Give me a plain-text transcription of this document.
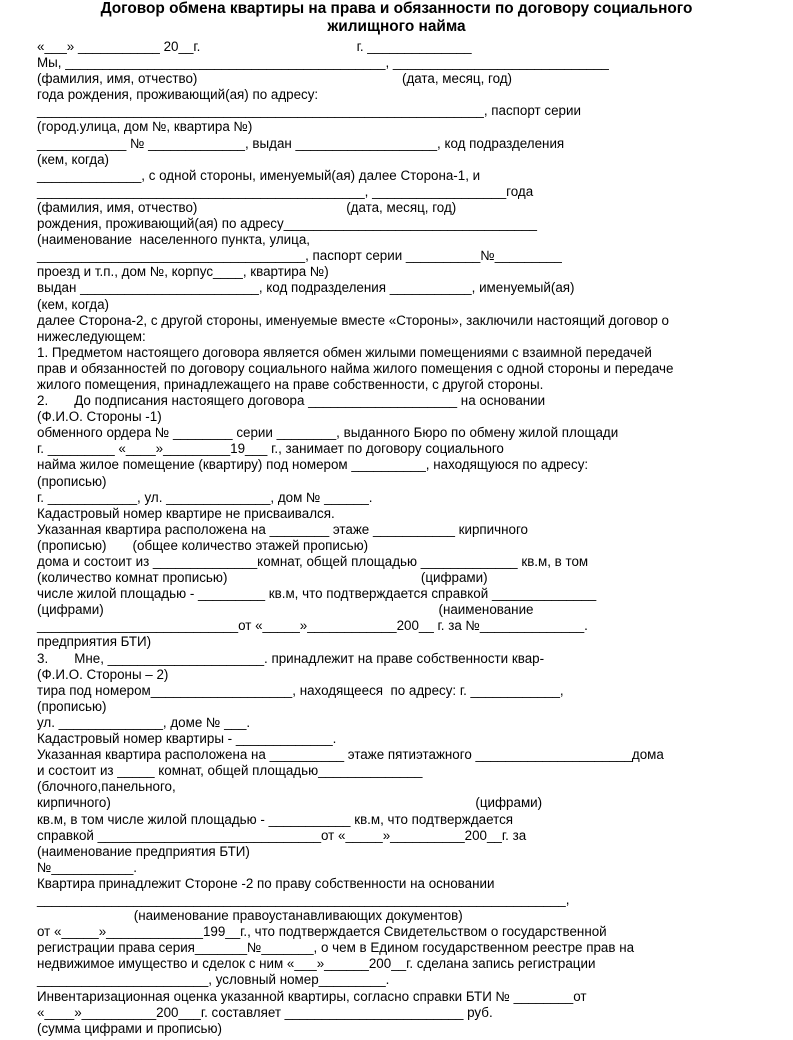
Договор обмена квартиры на права и обязанности по договору социального
жилищного найма
«___» ___________ 20__г.                                          г. ______________
Мы, ___________________________________________, _____________________________
(фамилия, имя, отчество)                                                       (дата, месяц, год)
года рождения, проживающий(ая) по адресу:
____________________________________________________________, паспорт серии
(город.улица, дом №, квартира №)
____________ № _____________, выдан ___________________, код подразделения
(кем, когда)
______________, с одной стороны, именуемый(ая) далее Сторона-1, и
____________________________________________, __________________года
(фамилия, имя, отчество)                                        (дата, месяц, год)
рождения, проживающий(ая) по адресу__________________________________
(наименование  населенного пункта, улица,
____________________________________, паспорт серии __________№_________
проезд и т.п., дом №, корпус____, квартира №)
выдан ________________________, код подразделения ___________, именуемый(ая)
(кем, когда)
далее Сторона-2, с другой стороны, именуемые вместе «Стороны», заключили настоящий договор о
нижеследующем:
1. Предметом настоящего договора является обмен жилыми помещениями с взаимной передачей
прав и обязанностей по договору социального найма жилого помещения с одной стороны и передаче
жилого помещения, принадлежащего на праве собственности, с другой стороны.
2.       До подписания настоящего договора ____________________ на основании
(Ф.И.О. Стороны -1)
обменного ордера № ________ серии ________, выданного Бюро по обмену жилой площади
г. _________ «____»_________19___ г., занимает по договору социального
найма жилое помещение (квартиру) под номером __________, находящуюся по адресу:
(прописью)
г. ____________, ул. ______________, дом № ______.
Кадастровый номер квартире не присваивался.
Указанная квартира расположена на ________ этаже ___________ кирпичного
(прописью)       (общее количество этажей прописью)
дома и состоит из ______________комнат, общей площадью _____________ кв.м, в том
(количество комнат прописью)                                                    (цифрами)
числе жилой площадью - _________ кв.м, что подтверждается справкой ______________
(цифрами)                                                                                          (наименование
___________________________от «_____»____________200__ г. за №______________.
предприятия БТИ)
3.       Мне, _____________________. принадлежит на праве собственности квар-
(Ф.И.О. Стороны – 2)
тира под номером___________________, находящееся  по адресу: г. ____________,
(прописью)
ул. ______________, доме № ___.
Кадастровый номер квартиры - _____________.
Указанная квартира расположена на __________ этаже пятиэтажного _____________________дома
и состоит из _____ комнат, общей площадью______________
(блочного,панельного,
кирпичного)                                                                                                  (цифрами)
кв.м, в том числе жилой площадью - ___________ кв.м, что подтверждается
справкой ______________________________от «_____»__________200__г. за
(наименование предприятия БТИ)
№___________.
Квартира принадлежит Стороне -2 по праву собственности на основании
_______________________________________________________________________,
(наименование правоустанавливающих документов)
от «_____»_____________199__г., что подтверждается Свидетельством о государственной
регистрации права серия_______№_______, о чем в Едином государственном реестре прав на
недвижимое имущество и сделок с ним «___»______200__г. сделана запись регистрации
_______________________, условный номер_________.
Инвентаризационная оценка указанной квартиры, согласно справки БТИ № ________от
«____»__________200___г. составляет ________________________ руб.
(сумма цифрами и прописью)
